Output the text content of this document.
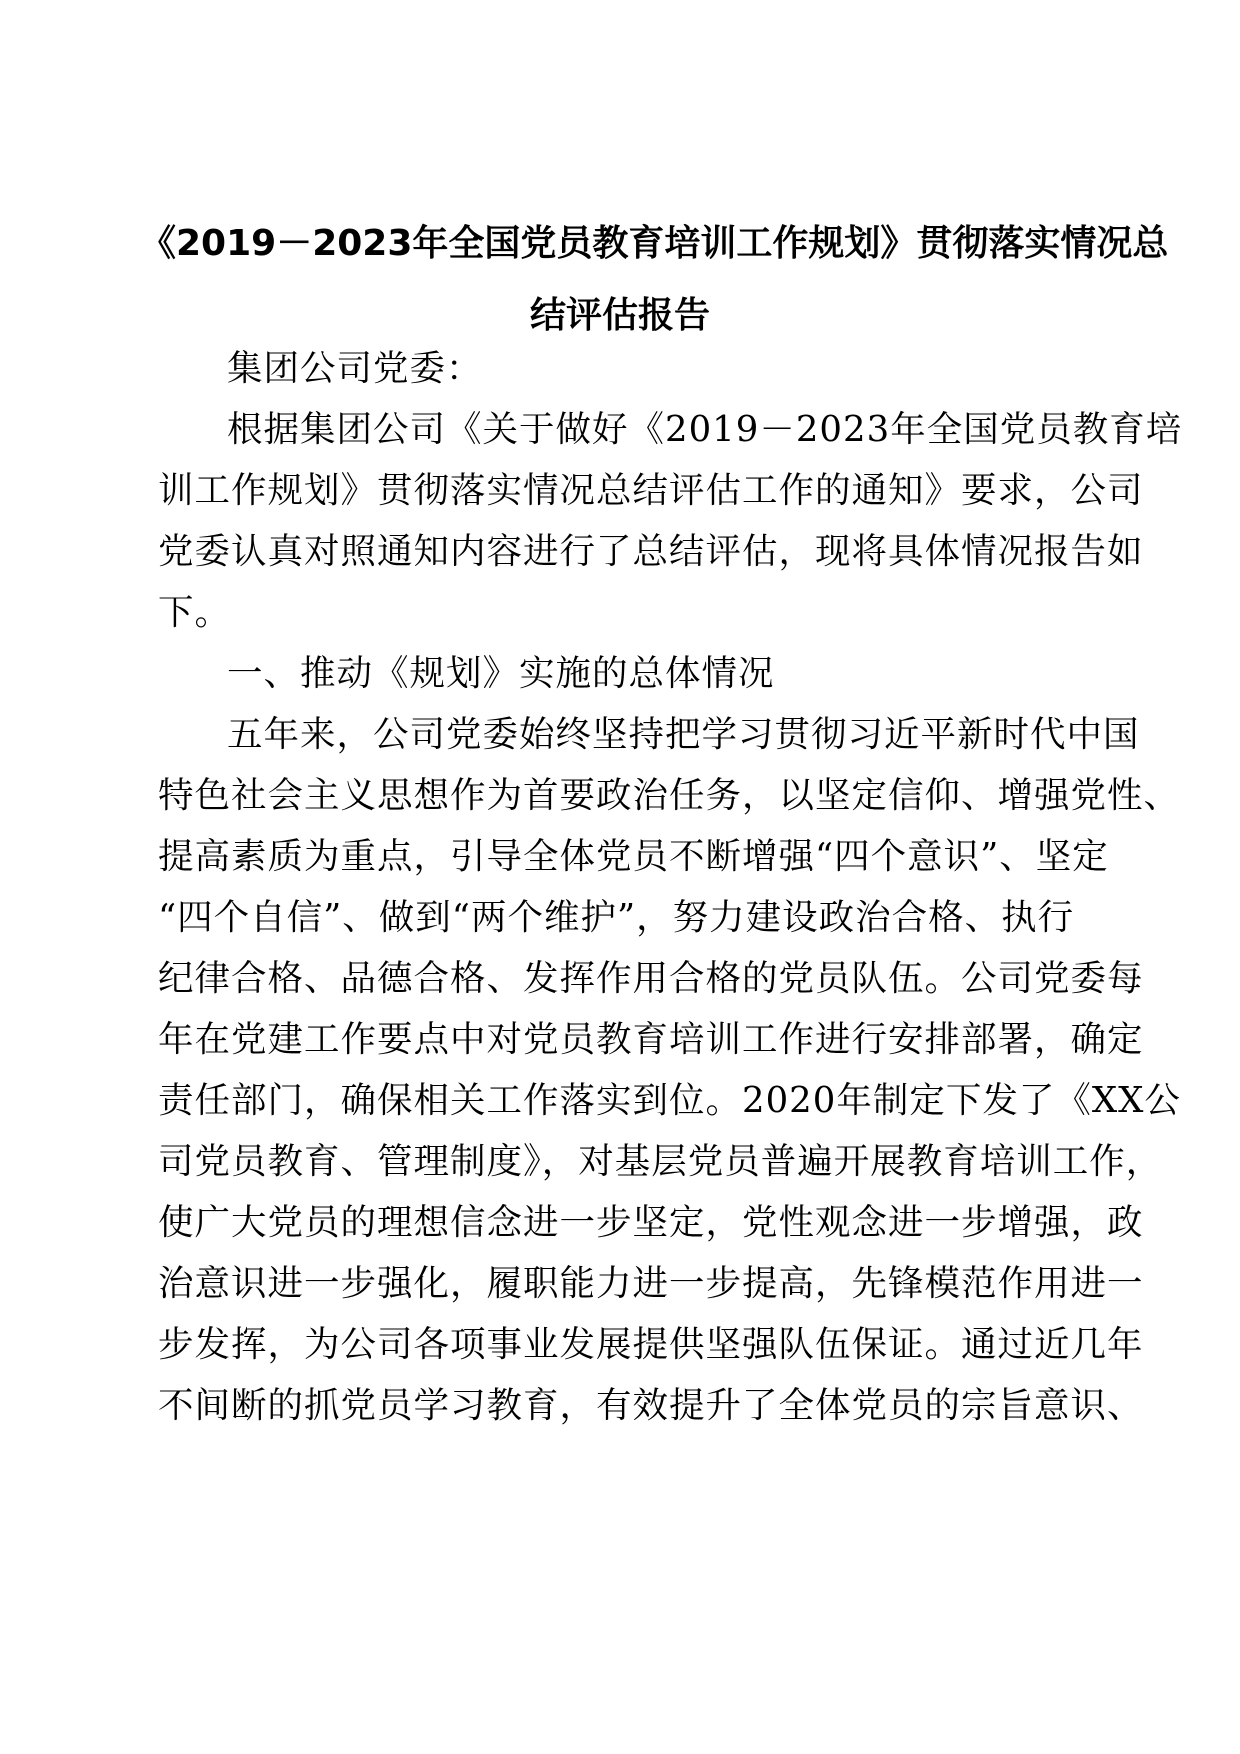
《2019－2023年全国党员教育培训工作规划》贯彻落实情况总
结评估报告
集团公司党委：
根据集团公司《关于做好《2019－2023年全国党员教育培
训工作规划》贯彻落实情况总结评估工作的通知》要求，公司
党委认真对照通知内容进行了总结评估，现将具体情况报告如
下。
一、推动《规划》实施的总体情况
五年来，公司党委始终坚持把学习贯彻习近平新时代中国
特色社会主义思想作为首要政治任务，以坚定信仰、增强党性、
提高素质为重点，引导全体党员不断增强“四个意识”、坚定
“四个自信”、做到“两个维护”，努力建设政治合格、执行
纪律合格、品德合格、发挥作用合格的党员队伍。公司党委每
年在党建工作要点中对党员教育培训工作进行安排部署，确定
责任部门，确保相关工作落实到位。2020年制定下发了《XX公
司党员教育、管理制度》，对基层党员普遍开展教育培训工作，
使广大党员的理想信念进一步坚定，党性观念进一步增强，政
治意识进一步强化，履职能力进一步提高，先锋模范作用进一
步发挥，为公司各项事业发展提供坚强队伍保证。通过近几年
不间断的抓党员学习教育，有效提升了全体党员的宗旨意识、
